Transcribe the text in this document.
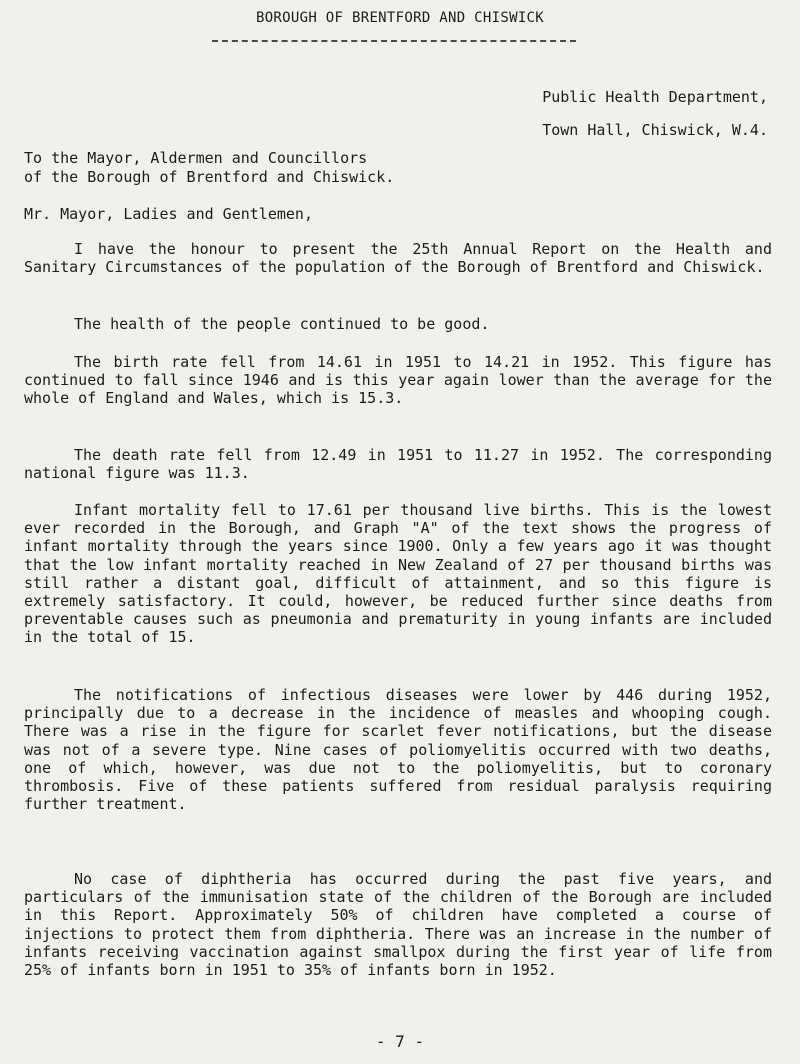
BOROUGH OF BRENTFORD AND CHISWICK
Public Health Department,
Town Hall, Chiswick, W.4.
To the Mayor, Aldermen and Councillors
of the Borough of Brentford and Chiswick.
Mr. Mayor, Ladies and Gentlemen,

I have the honour to present the 25th Annual Report on the Health and Sanitary Circumstances of the population of the Borough of Brentford and Chiswick.

The health of the people continued to be good.

The birth rate fell from 14.61 in 1951 to 14.21 in 1952. This figure has continued to fall since 1946 and is this year again lower than the average for the whole of England and Wales, which is 15.3.

The death rate fell from 12.49 in 1951 to 11.27 in 1952. The corresponding national figure was 11.3.

Infant mortality fell to 17.61 per thousand live births. This is the lowest ever recorded in the Borough, and Graph "A" of the text shows the progress of infant mortality through the years since 1900. Only a few years ago it was thought that the low infant mortality reached in New Zealand of 27 per thousand births was still rather a distant goal, difficult of attainment, and so this figure is extremely satisfactory. It could, however, be reduced further since deaths from preventable causes such as pneumonia and prematurity in young infants are included in the total of 15.

The notifications of infectious diseases were lower by 446 during 1952, principally due to a decrease in the incidence of measles and whooping cough. There was a rise in the figure for scarlet fever notifications, but the disease was not of a severe type. Nine cases of poliomyelitis occurred with two deaths, one of which, however, was due not to the poliomyelitis, but to coronary thrombosis. Five of these patients suffered from residual paralysis requiring further treatment.

No case of diphtheria has occurred during the past five years, and particulars of the immunisation state of the children of the Borough are included in this Report. Approximately 50% of children have completed a course of injections to protect them from diphtheria. There was an increase in the number of infants receiving vaccination against smallpox during the first year of life from 25% of infants born in 1951 to 35% of infants born in 1952.

- 7 -
